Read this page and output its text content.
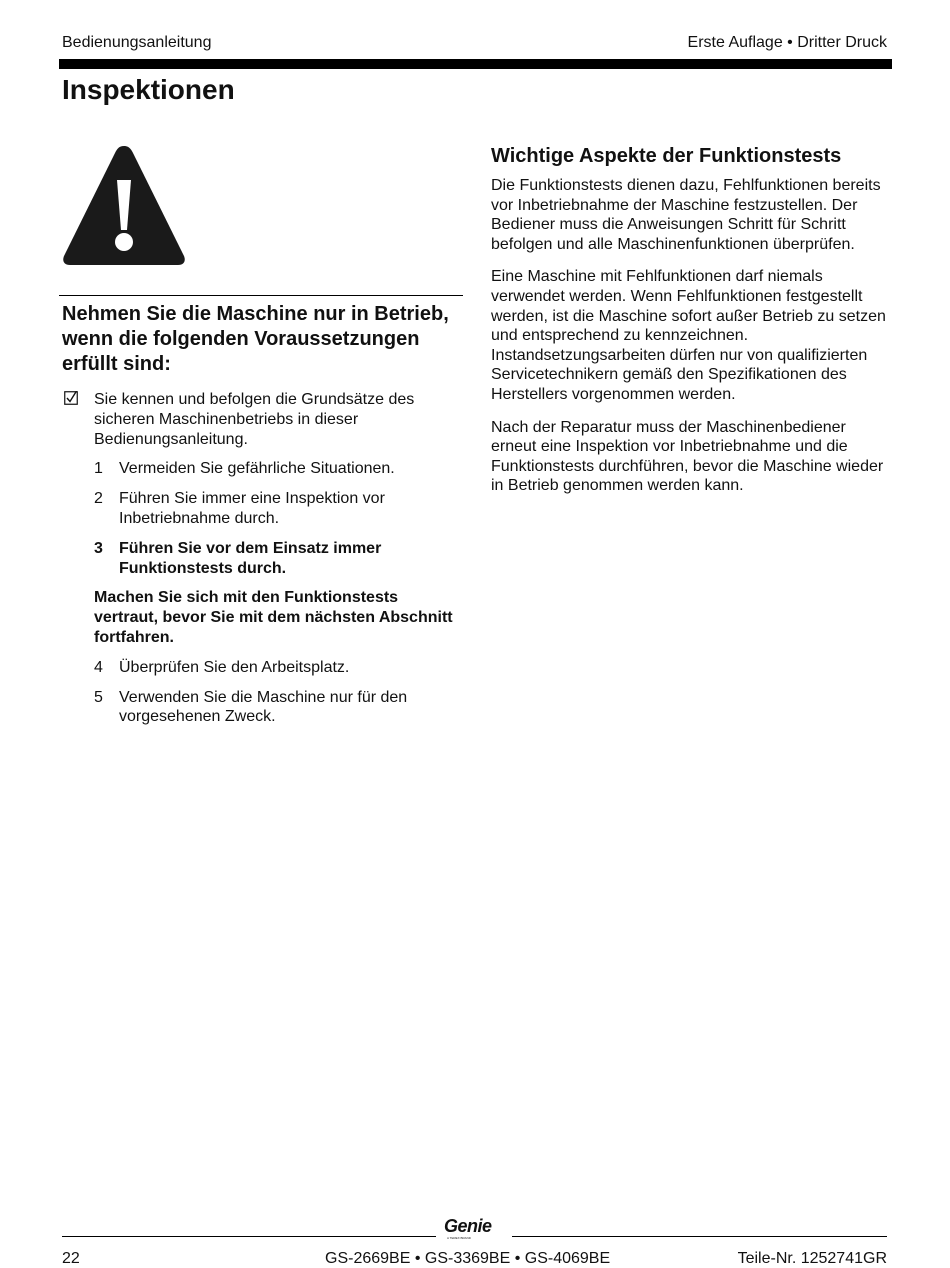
Bedienungsanleitung	Erste Auflage • Dritter Druck
Inspektionen
Nehmen Sie die Maschine nur in Betrieb, wenn die folgenden Voraussetzungen erfüllt sind:
Sie kennen und befolgen die Grundsätze des sicheren Maschinenbetriebs in dieser Bedienungsanleitung.
1 Vermeiden Sie gefährliche Situationen.
2 Führen Sie immer eine Inspektion vor Inbetriebnahme durch.
3 Führen Sie vor dem Einsatz immer Funktionstests durch.
Machen Sie sich mit den Funktionstests vertraut, bevor Sie mit dem nächsten Abschnitt fortfahren.
4 Überprüfen Sie den Arbeitsplatz.
5 Verwenden Sie die Maschine nur für den vorgesehenen Zweck.
Wichtige Aspekte der Funktionstests

Die Funktionstests dienen dazu, Fehlfunktionen bereits vor Inbetriebnahme der Maschine festzustellen. Der Bediener muss die Anweisungen Schritt für Schritt befolgen und alle Maschinenfunktionen überprüfen.

Eine Maschine mit Fehlfunktionen darf niemals verwendet werden. Wenn Fehlfunktionen festgestellt werden, ist die Maschine sofort außer Betrieb zu setzen und entsprechend zu kennzeichnen. Instandsetzungsarbeiten dürfen nur von qualifizierten Servicetechnikern gemäß den Spezifikationen des Herstellers vorgenommen werden.

Nach der Reparatur muss der Maschinenbediener erneut eine Inspektion vor Inbetriebnahme und die Funktionstests durchführen, bevor die Maschine wieder in Betrieb genommen werden kann.

Genie
A TEREX BRAND
22	GS-2669BE • GS-3369BE • GS-4069BE	Teile-Nr. 1252741GR
